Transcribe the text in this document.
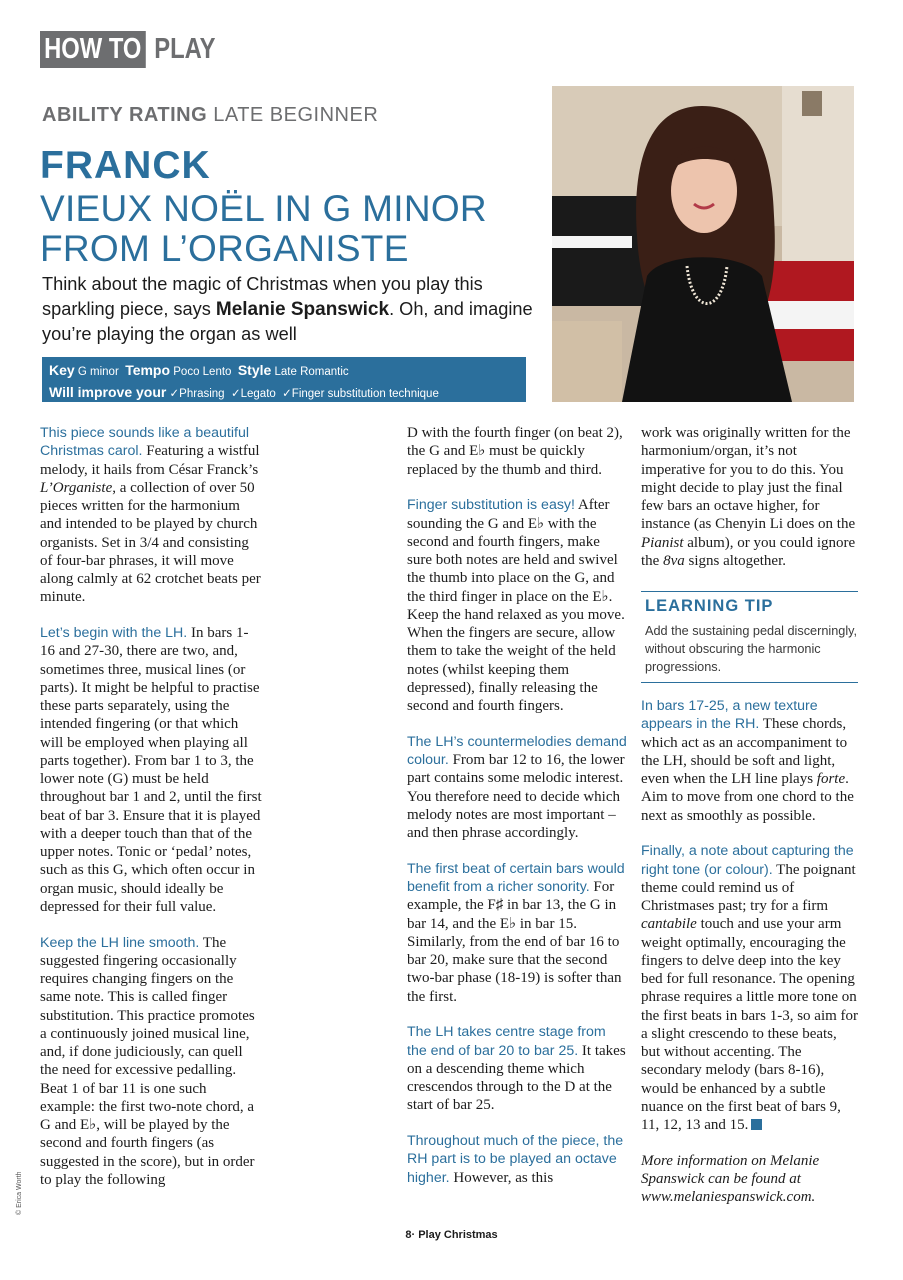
HOW TO PLAY
ABILITY RATING LATE BEGINNER
FRANCK
VIEUX NOËL IN G MINOR
FROM L’ORGANISTE
Think about the magic of Christmas when you play this sparkling piece, says Melanie Spanswick. Oh, and imagine you’re playing the organ as well
Key G minor Tempo Poco Lento Style Late Romantic
Will improve your ✓Phrasing ✓Legato ✓Finger substitution technique

This piece sounds like a beautiful Christmas carol. Featuring a wistful melody, it hails from César Franck’s L’Organiste, a collection of over 50 pieces written for the harmonium and intended to be played by church organists. Set in 3/4 and consisting of four-bar phrases, it will move along calmly at 62 crotchet beats per minute.

Let’s begin with the LH. In bars 1-16 and 27-30, there are two, and, sometimes three, musical lines (or parts). It might be helpful to practise these parts separately, using the intended fingering (or that which will be employed when playing all parts together). From bar 1 to 3, the lower note (G) must be held throughout bar 1 and 2, until the first beat of bar 3. Ensure that it is played with a deeper touch than that of the upper notes. Tonic or ‘pedal’ notes, such as this G, which often occur in organ music, should ideally be depressed for their full value.

Keep the LH line smooth. The suggested fingering occasionally requires changing fingers on the same note. This is called finger substitution. This practice promotes a continuously joined musical line, and, if done judiciously, can quell the need for excessive pedalling. Beat 1 of bar 11 is one such example: the first two-note chord, a G and E♭, will be played by the second and fourth fingers (as suggested in the score), but in order to play the following

D with the fourth finger (on beat 2), the G and E♭ must be quickly replaced by the thumb and third.

Finger substitution is easy! After sounding the G and E♭ with the second and fourth fingers, make sure both notes are held and swivel the thumb into place on the G, and the third finger in place on the E♭. Keep the hand relaxed as you move. When the fingers are secure, allow them to take the weight of the held notes (whilst keeping them depressed), finally releasing the second and fourth fingers.

The LH’s countermelodies demand colour. From bar 12 to 16, the lower part contains some melodic interest. You therefore need to decide which melody notes are most important – and then phrase accordingly.

The first beat of certain bars would benefit from a richer sonority. For example, the F♯ in bar 13, the G in bar 14, and the E♭ in bar 15. Similarly, from the end of bar 16 to bar 20, make sure that the second two-bar phase (18-19) is softer than the first.

The LH takes centre stage from the end of bar 20 to bar 25. It takes on a descending theme which crescendos through to the D at the start of bar 25.

Throughout much of the piece, the RH part is to be played an octave higher. However, as this

work was originally written for the harmonium/organ, it’s not imperative for you to do this. You might decide to play just the final few bars an octave higher, for instance (as Chenyin Li does on the Pianist album), or you could ignore the 8va signs altogether.

LEARNING TIP
Add the sustaining pedal discerningly, without obscuring the harmonic progressions.

In bars 17-25, a new texture appears in the RH. These chords, which act as an accompaniment to the LH, should be soft and light, even when the LH line plays forte. Aim to move from one chord to the next as smoothly as possible.

Finally, a note about capturing the right tone (or colour). The poignant theme could remind us of Christmases past; try for a firm cantabile touch and use your arm weight optimally, encouraging the fingers to delve deep into the key bed for full resonance. The opening phrase requires a little more tone on the first beats in bars 1-3, so aim for a slight crescendo to these beats, but without accenting. The secondary melody (bars 8-16), would be enhanced by a subtle nuance on the first beat of bars 9, 11, 12, 13 and 15.

More information on Melanie Spanswick can be found at www.melaniespanswick.com.

© Erica Worth
8· Play Christmas
